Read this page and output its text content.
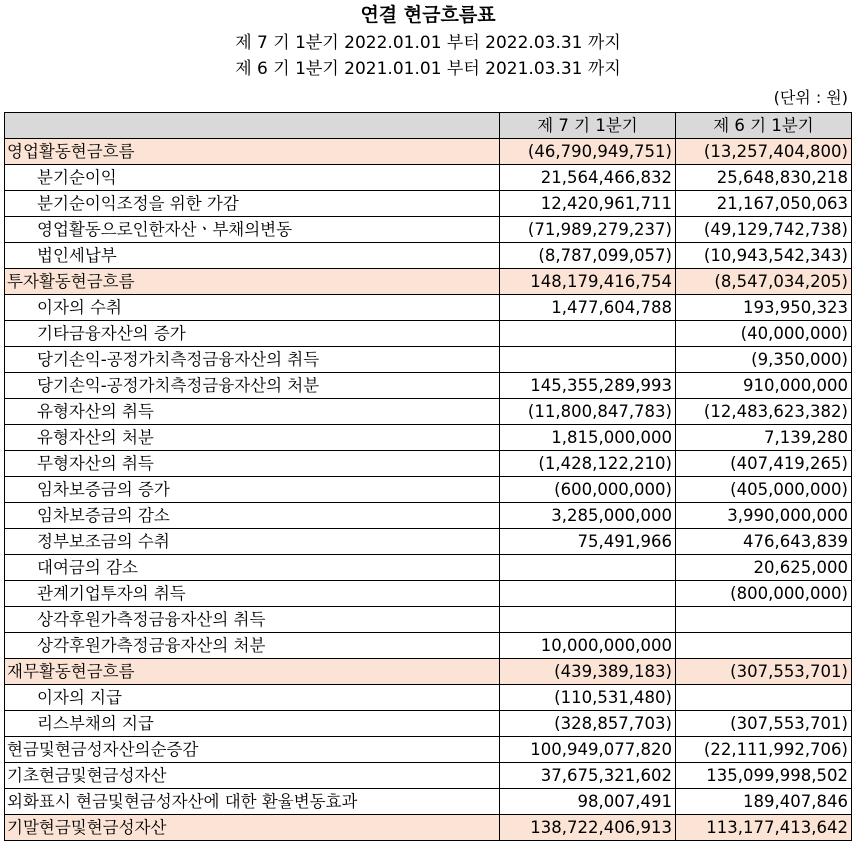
연결 현금흐름표
제 7 기 1분기 2022.01.01 부터 2022.03.31 까지
제 6 기 1분기 2021.01.01 부터 2021.03.31 까지
(단위 : 원)
	제 7 기 1분기	제 6 기 1분기
영업활동현금흐름	(46,790,949,751)	(13,257,404,800)
분기순이익	21,564,466,832	25,648,830,218
분기순이익조정을 위한 가감	12,420,961,711	21,167,050,063
영업활동으로인한자산ㆍ부채의변동	(71,989,279,237)	(49,129,742,738)
법인세납부	(8,787,099,057)	(10,943,542,343)
투자활동현금흐름	148,179,416,754	(8,547,034,205)
이자의 수취	1,477,604,788	193,950,323
기타금융자산의 증가		(40,000,000)
당기손익-공정가치측정금융자산의 취득		(9,350,000)
당기손익-공정가치측정금융자산의 처분	145,355,289,993	910,000,000
유형자산의 취득	(11,800,847,783)	(12,483,623,382)
유형자산의 처분	1,815,000,000	7,139,280
무형자산의 취득	(1,428,122,210)	(407,419,265)
임차보증금의 증가	(600,000,000)	(405,000,000)
임차보증금의 감소	3,285,000,000	3,990,000,000
정부보조금의 수취	75,491,966	476,643,839
대여금의 감소		20,625,000
관계기업투자의 취득		(800,000,000)
상각후원가측정금융자산의 취득		
상각후원가측정금융자산의 처분	10,000,000,000	
재무활동현금흐름	(439,389,183)	(307,553,701)
이자의 지급	(110,531,480)	
리스부채의 지급	(328,857,703)	(307,553,701)
현금및현금성자산의순증감	100,949,077,820	(22,111,992,706)
기초현금및현금성자산	37,675,321,602	135,099,998,502
외화표시 현금및현금성자산에 대한 환율변동효과	98,007,491	189,407,846
기말현금및현금성자산	138,722,406,913	113,177,413,642
